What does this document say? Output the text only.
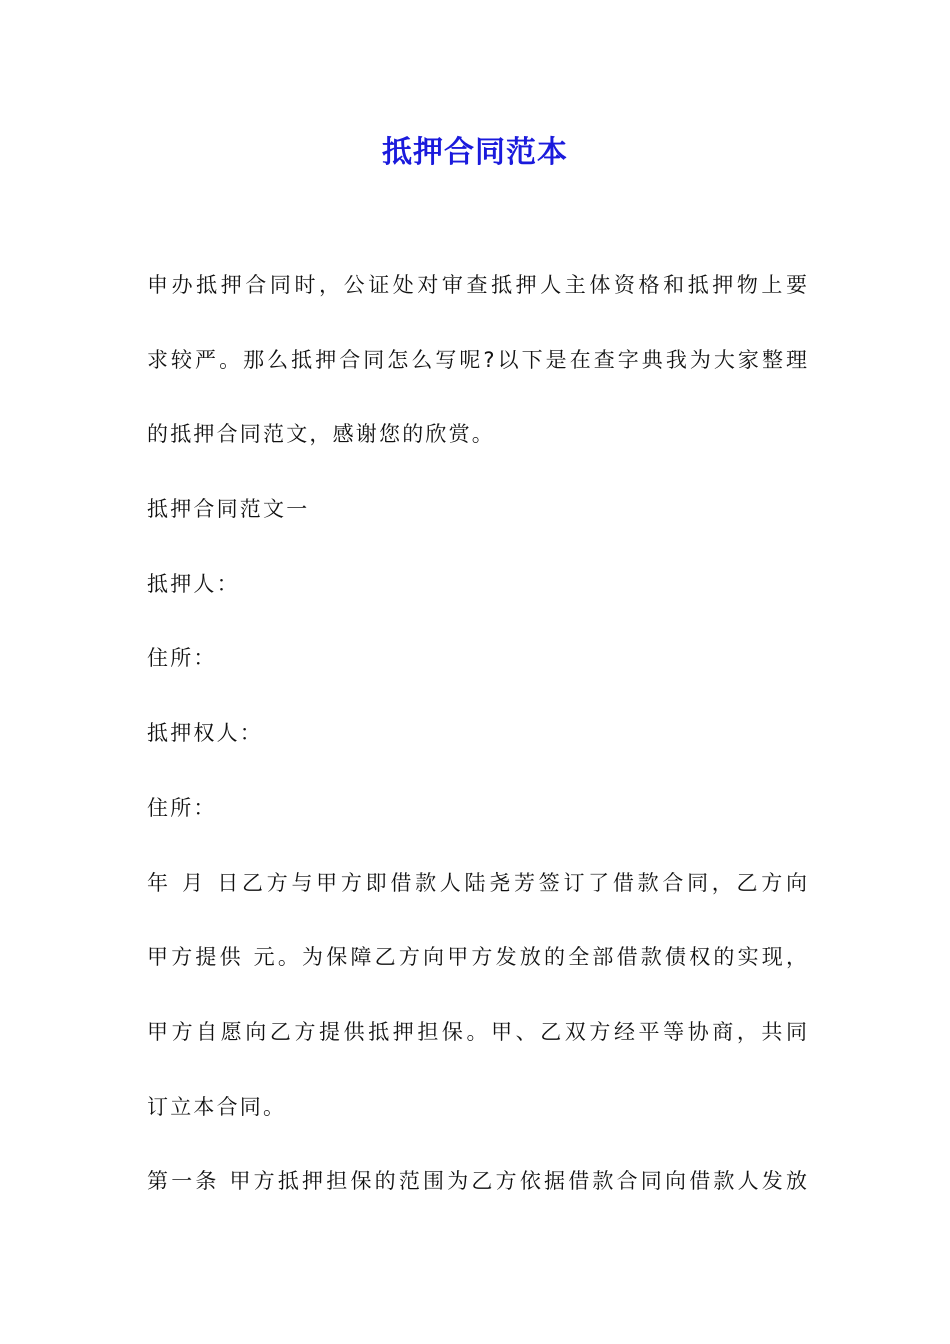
抵押合同范本
申办抵押合同时，公证处对审查抵押人主体资格和抵押物上要
求较严。那么抵押合同怎么写呢?以下是在查字典我为大家整理
的抵押合同范文，感谢您的欣赏。
抵押合同范文一
抵押人：
住所：
抵押权人：
住所：
年 月 日乙方与甲方即借款人陆尧芳签订了借款合同，乙方向
甲方提供 元。为保障乙方向甲方发放的全部借款债权的实现，
甲方自愿向乙方提供抵押担保。甲、乙双方经平等协商，共同
订立本合同。
第一条 甲方抵押担保的范围为乙方依据借款合同向借款人发放
